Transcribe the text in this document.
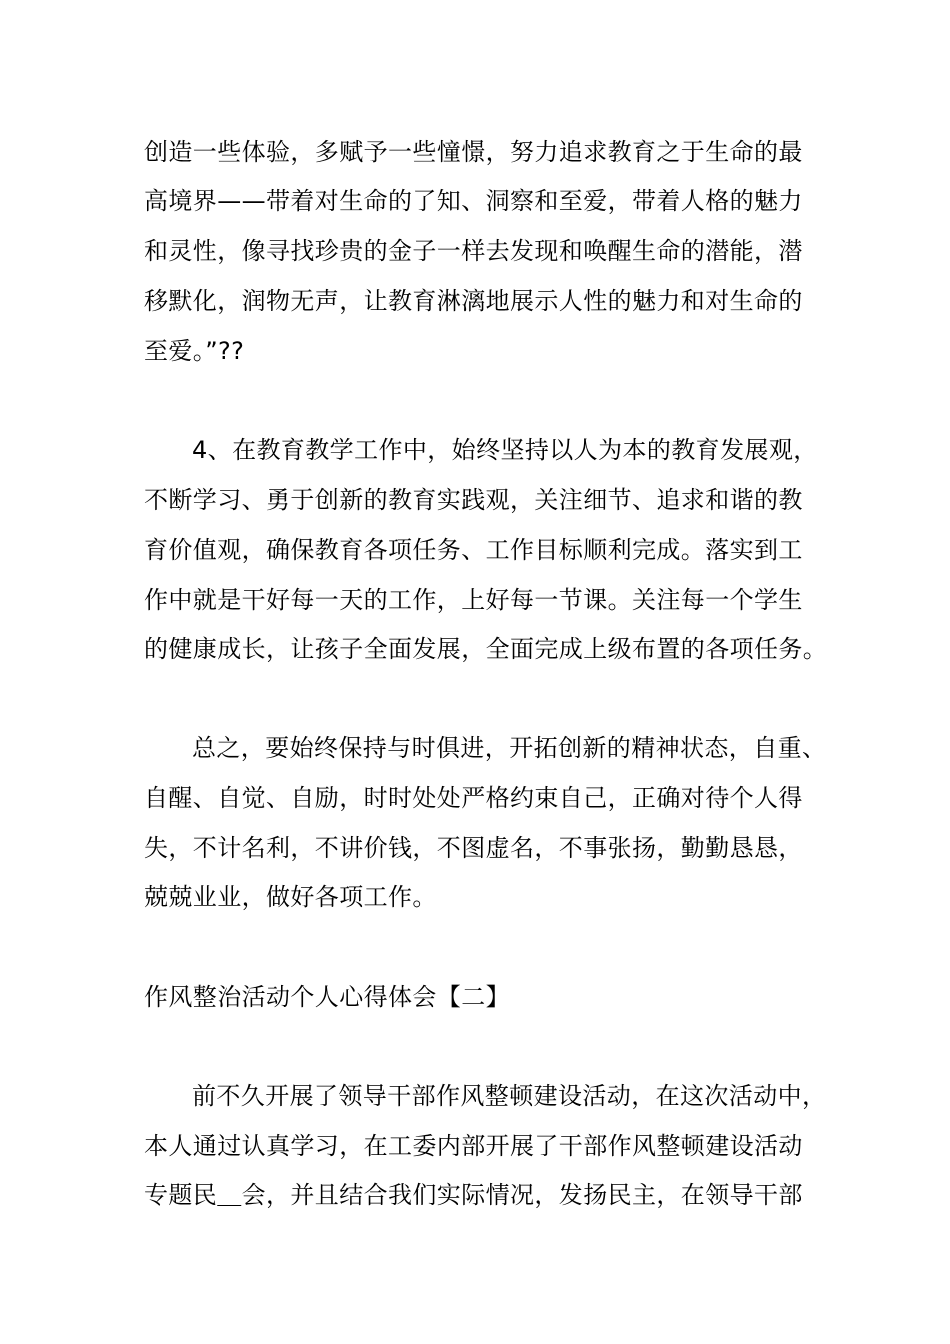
创造一些体验，多赋予一些憧憬，努力追求教育之于生命的最
高境界——带着对生命的了知、洞察和至爱，带着人格的魅力
和灵性，像寻找珍贵的金子一样去发现和唤醒生命的潜能，潜
移默化，润物无声，让教育淋漓地展示人性的魅力和对生命的
至爱。”??
4、在教育教学工作中，始终坚持以人为本的教育发展观，
不断学习、勇于创新的教育实践观，关注细节、追求和谐的教
育价值观，确保教育各项任务、工作目标顺利完成。落实到工
作中就是干好每一天的工作，上好每一节课。关注每一个学生
的健康成长，让孩子全面发展，全面完成上级布置的各项任务。
总之，要始终保持与时俱进，开拓创新的精神状态，自重、
自醒、自觉、自励，时时处处严格约束自己，正确对待个人得
失，不计名利，不讲价钱，不图虚名，不事张扬，勤勤恳恳，
兢兢业业，做好各项工作。
作风整治活动个人心得体会【二】
前不久开展了领导干部作风整顿建设活动，在这次活动中，
本人通过认真学习，在工委内部开展了干部作风整顿建设活动
专题民＿会，并且结合我们实际情况，发扬民主，在领导干部
